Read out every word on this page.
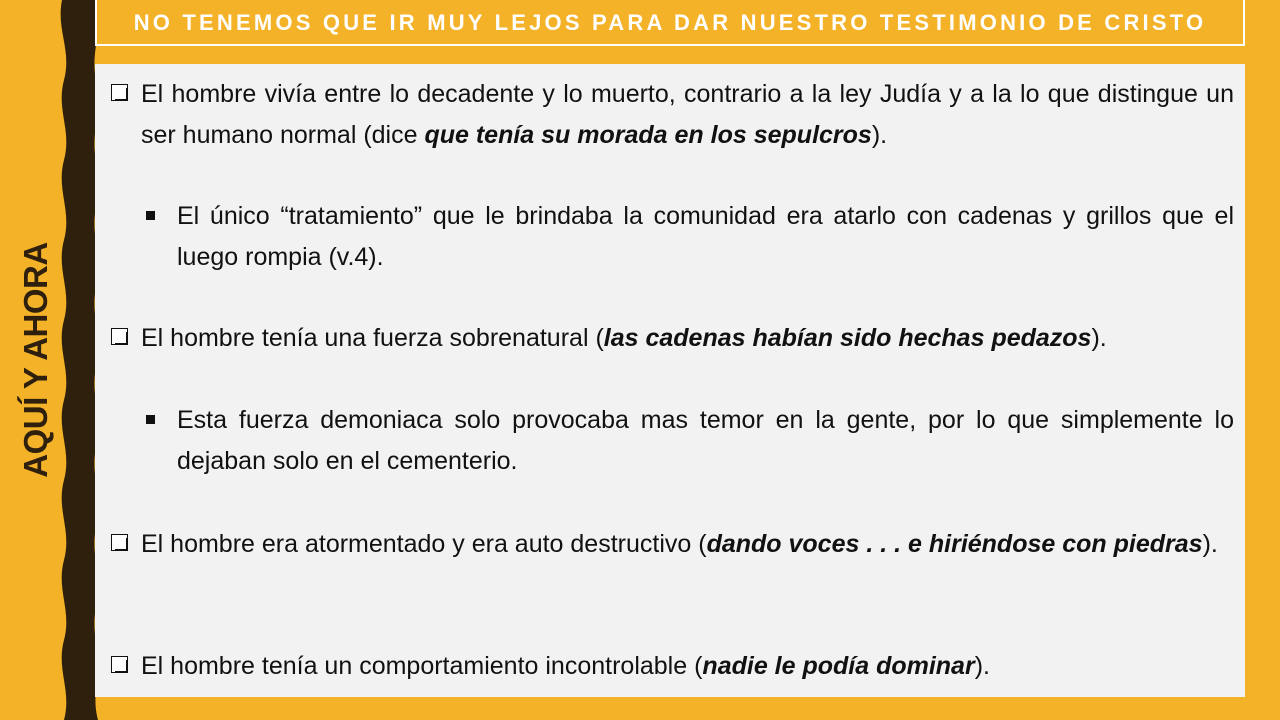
AQUÍ Y AHORA
NO TENEMOS QUE IR MUY LEJOS PARA DAR NUESTRO TESTIMONIO DE CRISTO
El hombre vivía entre lo decadente y lo muerto, contrario a la ley Judía y a la lo que distingue un ser humano normal (dice que tenía su morada en los sepulcros).
El único “tratamiento” que le brindaba la comunidad era atarlo con cadenas y grillos que el luego rompia (v.4).
El hombre tenía una fuerza sobrenatural (las cadenas habían sido hechas pedazos).
Esta fuerza demoniaca solo provocaba mas temor en la gente, por lo que simplemente lo dejaban solo en el cementerio.
El hombre era atormentado y era auto destructivo (dando voces . . . e hiriéndose con piedras).
El hombre tenía un comportamiento incontrolable (nadie le podía dominar).
